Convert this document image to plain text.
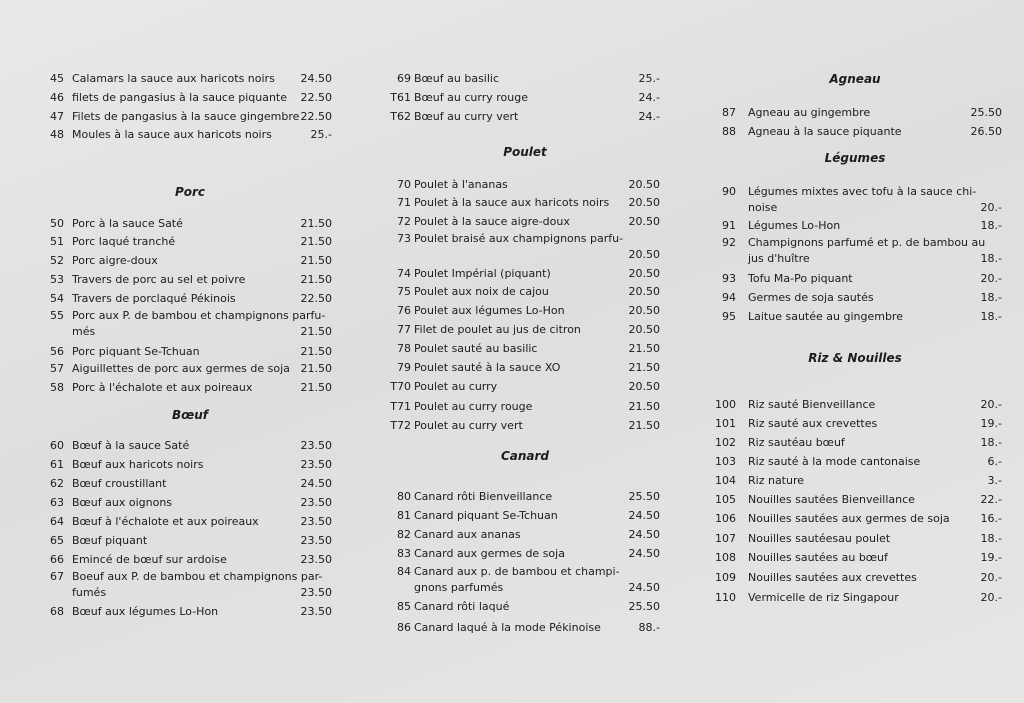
45 Calamars la sauce aux haricots noirs 24.50
46 filets de pangasius à la sauce piquante 22.50
47 Filets de pangasius à la sauce gingembre 22.50
48 Moules à la sauce aux haricots noirs	25.-
Porc
50 Porc à la sauce Saté	21.50
51 Porc laqué tranché	21.50
52 Porc aigre-doux	21.50
53 Travers de porc au sel et poivre	21.50
54 Travers de porclaqué Pékinois	22.50
55 Porc aux P. de bambou et champignons parfu-
més	21.50
56 Porc piquant Se-Tchuan	21.50
57 Aiguillettes de porc aux germes de soja 21.50
58 Porc à l'échalote et aux poireaux	21.50
Bœuf
60 Bœuf à la sauce Saté	23.50
61 Bœuf aux haricots noirs	23.50
62 Bœuf croustillant	24.50
63 Bœuf aux oignons	23.50
64 Bœuf à l'échalote et aux poireaux	23.50
65 Bœuf piquant	23.50
66 Emincé de bœuf sur ardoise	23.50
67 Boeuf aux P. de bambou et champignons par-
fumés	23.50
68 Bœuf aux légumes Lo-Hon	23.50
69 Bœuf au basilic	25.-
T61 Bœuf au curry rouge	24.-
T62 Bœuf au curry vert	24.-
Poulet
70 Poulet à l'ananas	20.50
71 Poulet à la sauce aux haricots noirs 20.50
72 Poulet à la sauce aigre-doux	20.50
73 Poulet braisé aux champignons parfu-
20.50
74 Poulet Impérial (piquant)	20.50
75 Poulet aux noix de cajou	20.50
76 Poulet aux légumes Lo-Hon	20.50
77 Filet de poulet au jus de citron	20.50
78 Poulet sauté au basilic	21.50
79 Poulet sauté à la sauce XO	21.50
T70 Poulet au curry	20.50
T71 Poulet au curry rouge	21.50
T72 Poulet au curry vert	21.50
Canard
80 Canard rôti Bienveillance	25.50
81 Canard piquant Se-Tchuan	24.50
82 Canard aux ananas	24.50
83 Canard aux germes de soja	24.50
84 Canard aux p. de bambou et champi-
gnons parfumés	24.50
85 Canard rôti laqué	25.50
86 Canard laqué à la mode Pékinoise	88.-
Agneau
87 Agneau au gingembre	25.50
88 Agneau à la sauce piquante	26.50
Légumes
90 Légumes mixtes avec tofu à la sauce chi-
noise	20.-
91 Légumes Lo-Hon	18.-
92 Champignons parfumé et p. de bambou au
jus d'huître	18.-
93 Tofu Ma-Po piquant	20.-
94 Germes de soja sautés	18.-
95 Laitue sautée au gingembre	18.-
Riz & Nouilles
100 Riz sauté Bienveillance	20.-
101 Riz sauté aux crevettes	19.-
102 Riz sautéau bœuf	18.-
103 Riz sauté à la mode cantonaise	6.-
104 Riz nature	3.-
105 Nouilles sautées Bienveillance	22.-
106 Nouilles sautées aux germes de soja	16.-
107 Nouilles sautéesau poulet	18.-
108 Nouilles sautées au bœuf	19.-
109 Nouilles sautées aux crevettes	20.-
110 Vermicelle de riz Singapour	20.-
